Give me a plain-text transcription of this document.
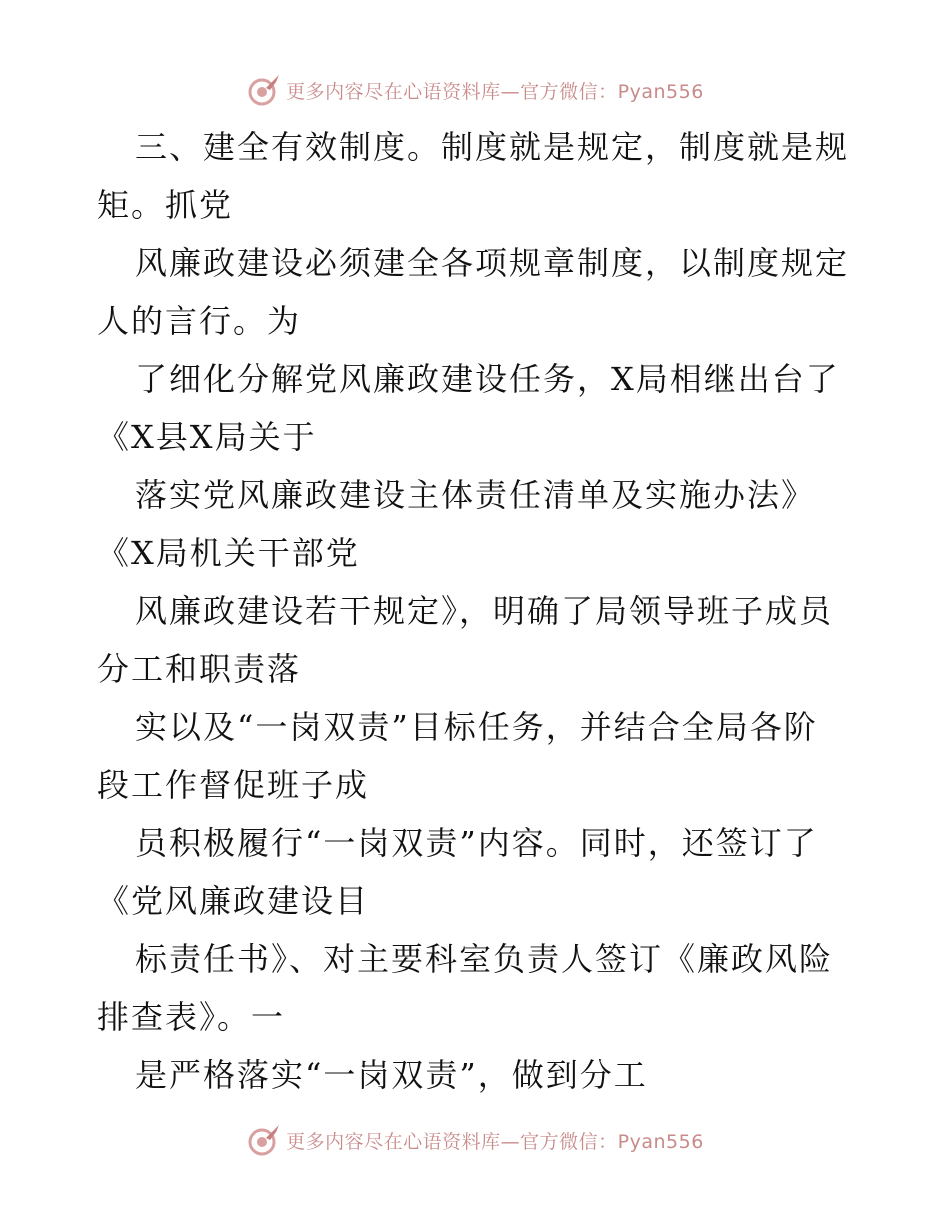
更多内容尽在心语资料库—官方微信：Pyan556
三、建全有效制度。制度就是规定，制度就是规
矩。抓党
风廉政建设必须建全各项规章制度，以制度规定
人的言行。为
了细化分解党风廉政建设任务，X局相继出台了
《X县X局关于
落实党风廉政建设主体责任清单及实施办法》
《X局机关干部党
风廉政建设若干规定》，明确了局领导班子成员
分工和职责落
实以及“一岗双责”目标任务，并结合全局各阶
段工作督促班子成
员积极履行“一岗双责”内容。同时，还签订了
《党风廉政建设目
标责任书》、对主要科室负责人签订《廉政风险
排查表》。一
是严格落实“一岗双责”，做到分工
更多内容尽在心语资料库—官方微信：Pyan556
